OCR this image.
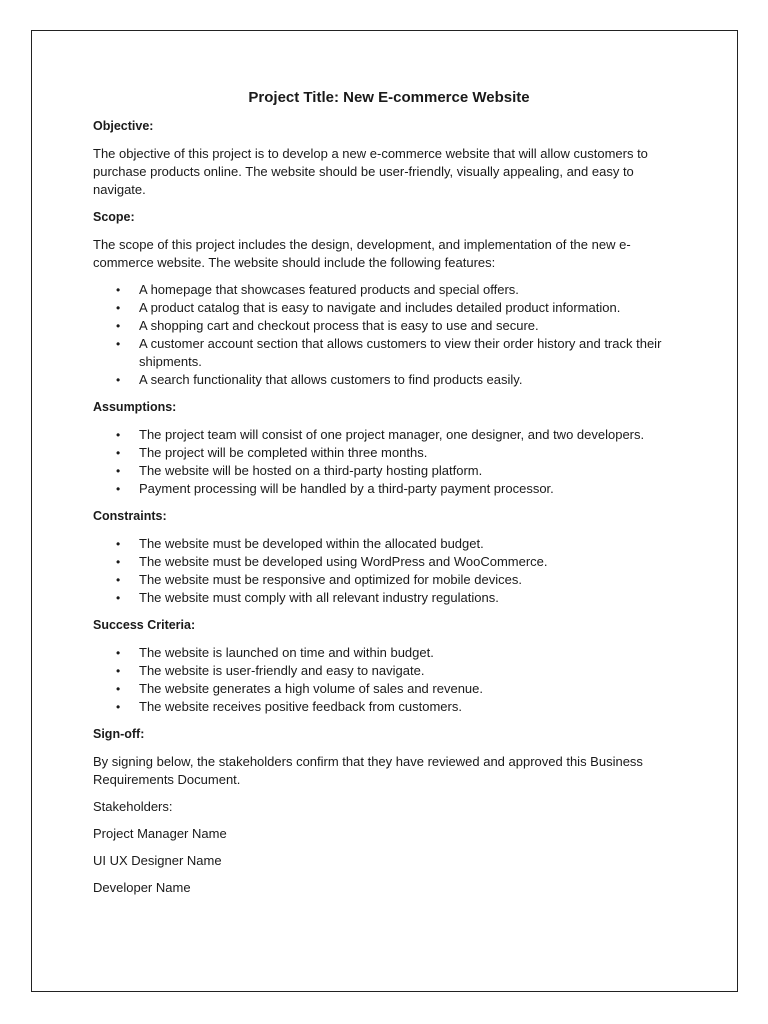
Project Title: New E-commerce Website
Objective:
The objective of this project is to develop a new e-commerce website that will allow customers to purchase products online. The website should be user-friendly, visually appealing, and easy to navigate.
Scope:
The scope of this project includes the design, development, and implementation of the new e-commerce website. The website should include the following features:
• A homepage that showcases featured products and special offers.
• A product catalog that is easy to navigate and includes detailed product information.
• A shopping cart and checkout process that is easy to use and secure.
• A customer account section that allows customers to view their order history and track their shipments.
• A search functionality that allows customers to find products easily.
Assumptions:
• The project team will consist of one project manager, one designer, and two developers.
• The project will be completed within three months.
• The website will be hosted on a third-party hosting platform.
• Payment processing will be handled by a third-party payment processor.
Constraints:
• The website must be developed within the allocated budget.
• The website must be developed using WordPress and WooCommerce.
• The website must be responsive and optimized for mobile devices.
• The website must comply with all relevant industry regulations.
Success Criteria:
• The website is launched on time and within budget.
• The website is user-friendly and easy to navigate.
• The website generates a high volume of sales and revenue.
• The website receives positive feedback from customers.
Sign-off:
By signing below, the stakeholders confirm that they have reviewed and approved this Business Requirements Document.
Stakeholders:
Project Manager Name
UI UX Designer Name
Developer Name
